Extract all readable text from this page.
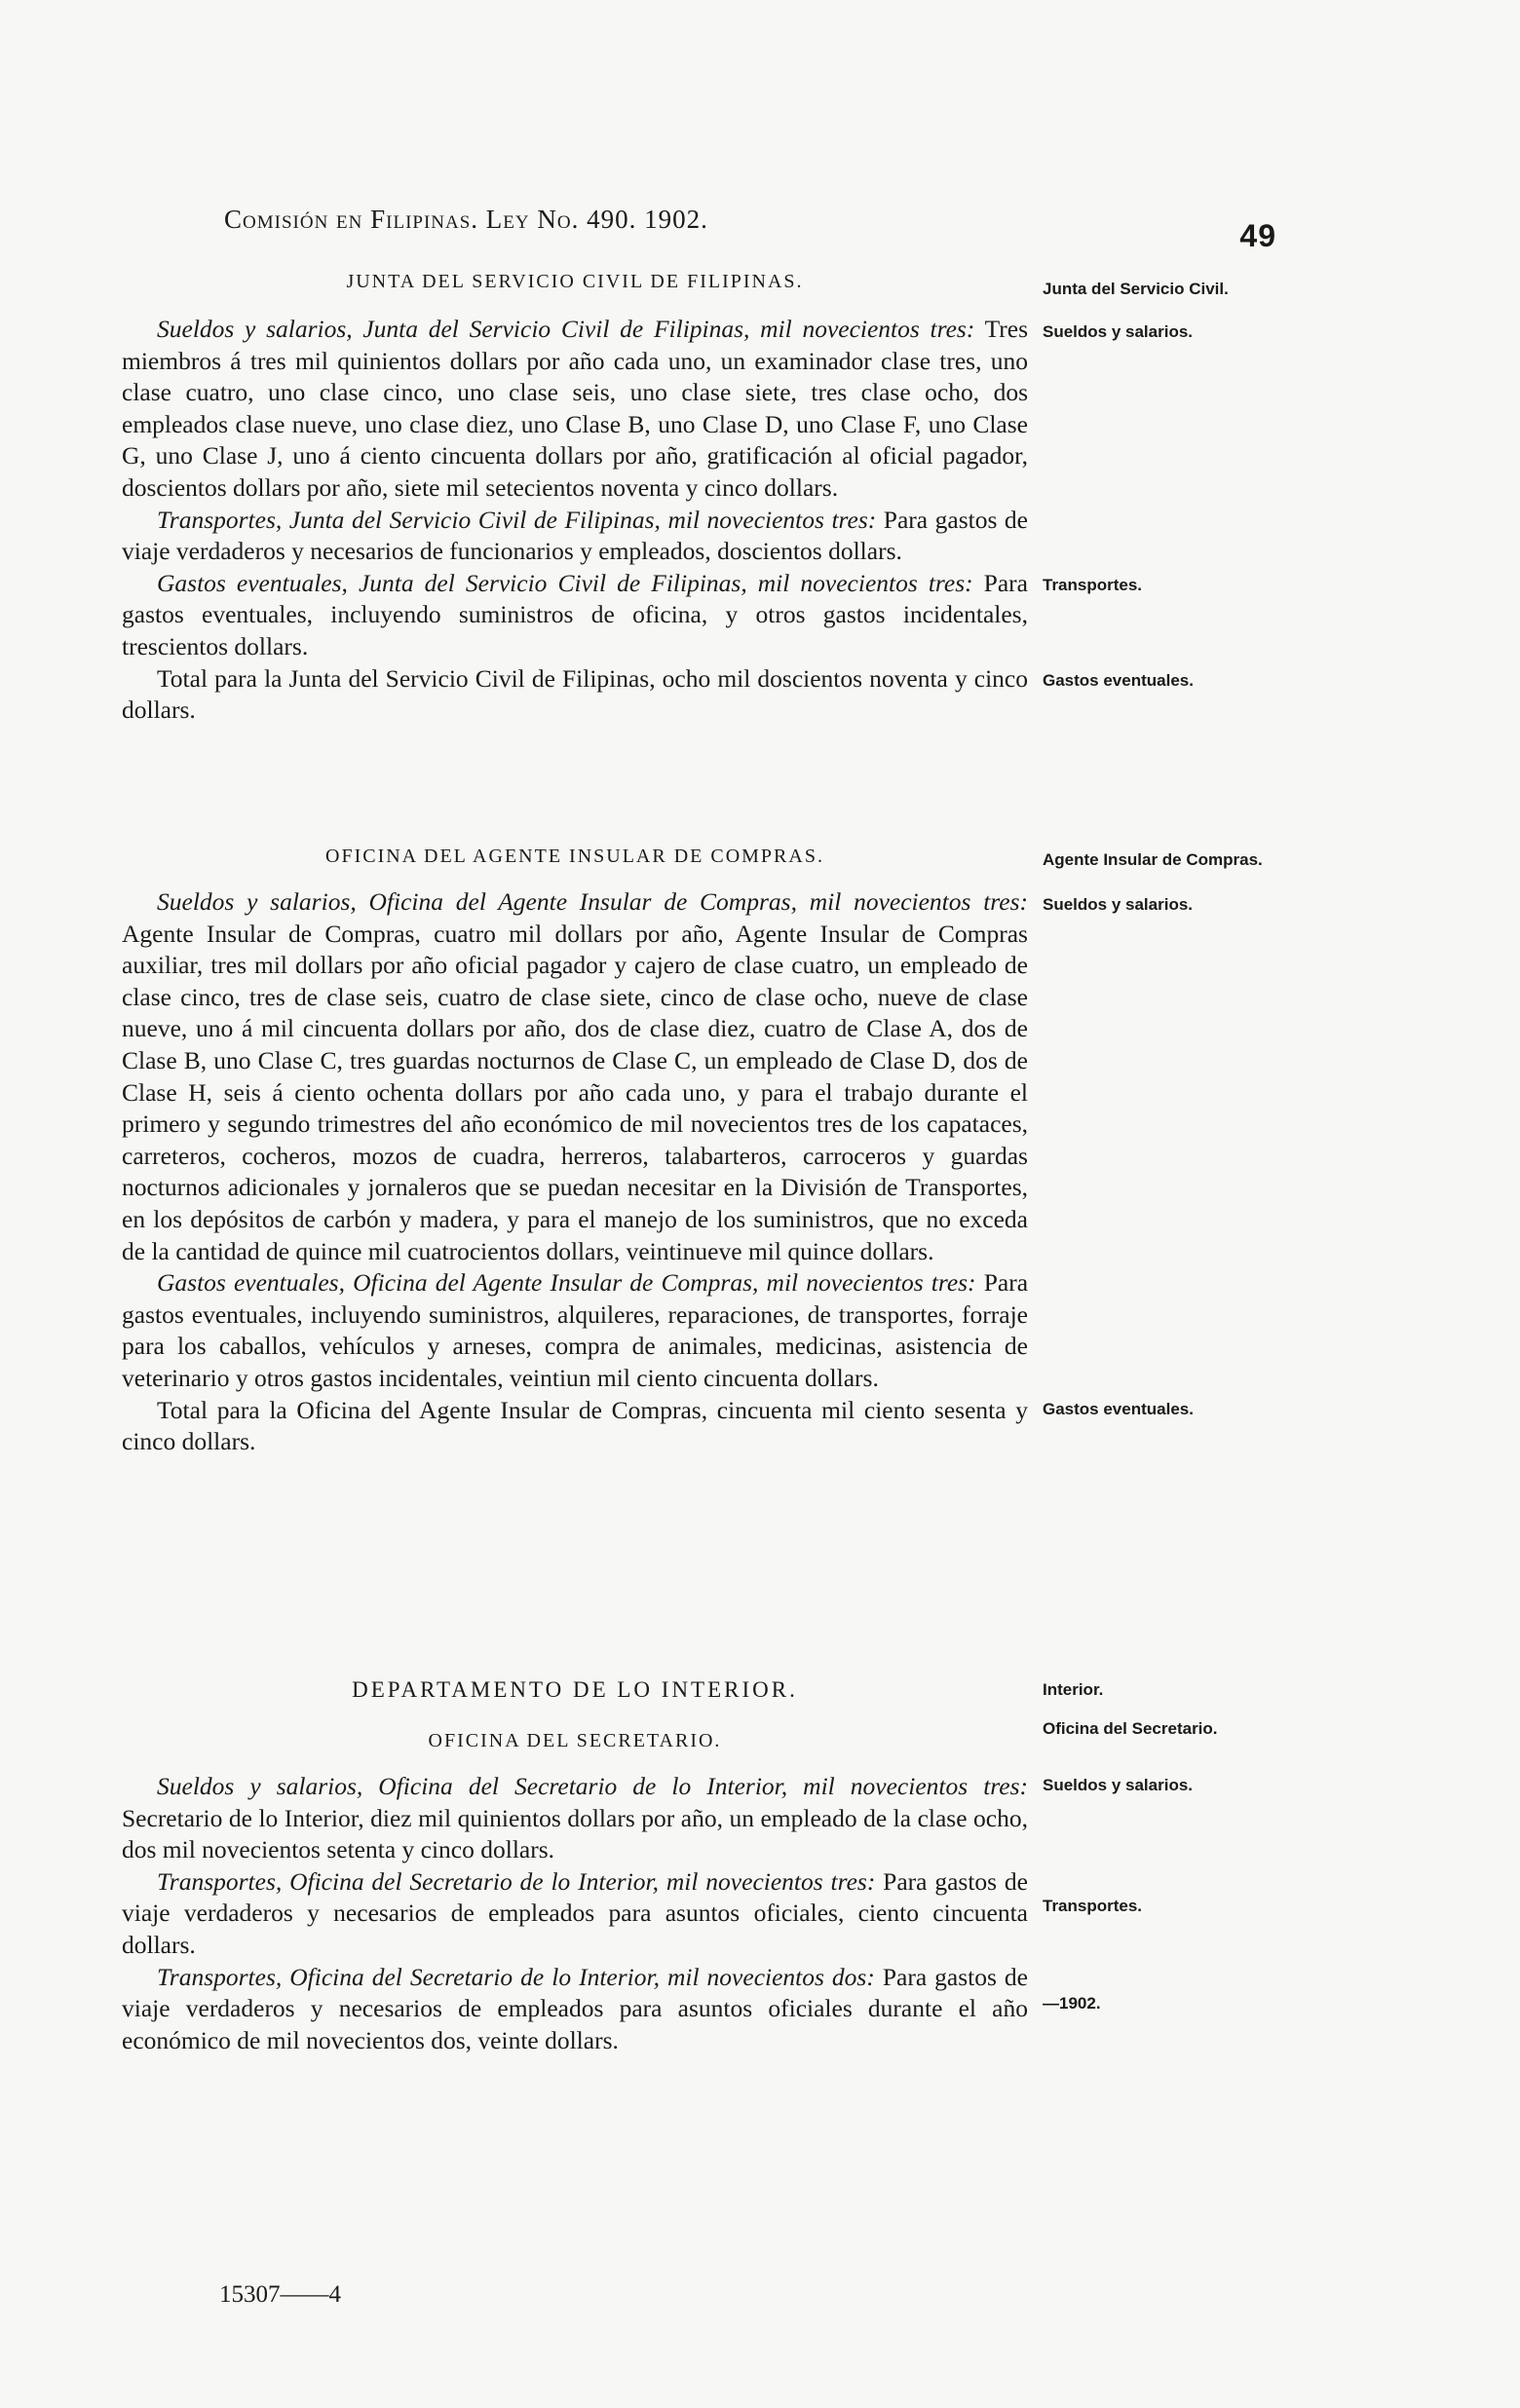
Comisión en Filipinas. Ley No. 490. 1902.	49
JUNTA DEL SERVICIO CIVIL DE FILIPINAS.

Sueldos y salarios, Junta del Servicio Civil de Filipinas, mil novecientos tres: Tres miembros á tres mil quinientos dollars por año cada uno, un examinador clase tres, uno clase cuatro, uno clase cinco, uno clase seis, uno clase siete, tres clase ocho, dos empleados clase nueve, uno clase diez, uno Clase B, uno Clase D, uno Clase F, uno Clase G, uno Clase J, uno á ciento cincuenta dollars por año, gratificación al oficial pagador, doscientos dollars por año, siete mil setecientos noventa y cinco dollars.

Transportes, Junta del Servicio Civil de Filipinas, mil novecientos tres: Para gastos de viaje verdaderos y necesarios de funcionarios y empleados, doscientos dollars.

Gastos eventuales, Junta del Servicio Civil de Filipinas, mil novecientos tres: Para gastos eventuales, incluyendo suministros de oficina, y otros gastos incidentales, trescientos dollars.

Total para la Junta del Servicio Civil de Filipinas, ocho mil doscientos noventa y cinco dollars.

OFICINA DEL AGENTE INSULAR DE COMPRAS.

Sueldos y salarios, Oficina del Agente Insular de Compras, mil novecientos tres: Agente Insular de Compras, cuatro mil dollars por año, Agente Insular de Compras auxiliar, tres mil dollars por año oficial pagador y cajero de clase cuatro, un empleado de clase cinco, tres de clase seis, cuatro de clase siete, cinco de clase ocho, nueve de clase nueve, uno á mil cincuenta dollars por año, dos de clase diez, cuatro de Clase A, dos de Clase B, uno Clase C, tres guardas nocturnos de Clase C, un empleado de Clase D, dos de Clase H, seis á ciento ochenta dollars por año cada uno, y para el trabajo durante el primero y segundo trimestres del año económico de mil novecientos tres de los capataces, carreteros, cocheros, mozos de cuadra, herreros, talabarteros, carroceros y guardas nocturnos adicionales y jornaleros que se puedan necesitar en la División de Transportes, en los depósitos de carbón y madera, y para el manejo de los suministros, que no exceda de la cantidad de quince mil cuatrocientos dollars, veintinueve mil quince dollars.

Gastos eventuales, Oficina del Agente Insular de Compras, mil novecientos tres: Para gastos eventuales, incluyendo suministros, alquileres, reparaciones, de transportes, forraje para los caballos, vehículos y arneses, compra de animales, medicinas, asistencia de veterinario y otros gastos incidentales, veintiun mil ciento cincuenta dollars.

Total para la Oficina del Agente Insular de Compras, cincuenta mil ciento sesenta y cinco dollars.

DEPARTAMENTO DE LO INTERIOR.
OFICINA DEL SECRETARIO.

Sueldos y salarios, Oficina del Secretario de lo Interior, mil novecientos tres: Secretario de lo Interior, diez mil quinientos dollars por año, un empleado de la clase ocho, dos mil novecientos setenta y cinco dollars.

Transportes, Oficina del Secretario de lo Interior, mil novecientos tres: Para gastos de viaje verdaderos y necesarios de empleados para asuntos oficiales, ciento cincuenta dollars.

Transportes, Oficina del Secretario de lo Interior, mil novecientos dos: Para gastos de viaje verdaderos y necesarios de empleados para asuntos oficiales durante el año económico de mil novecientos dos, veinte dollars.

Junta del Servicio Civil.
Sueldos y salarios.
Transportes.
Gastos eventuales.
Agente Insular de Compras.
Sueldos y salarios.
Gastos eventuales.
Interior.
Oficina del Secretario.
Sueldos y salarios.
Transportes.
—1902.
15307——4
